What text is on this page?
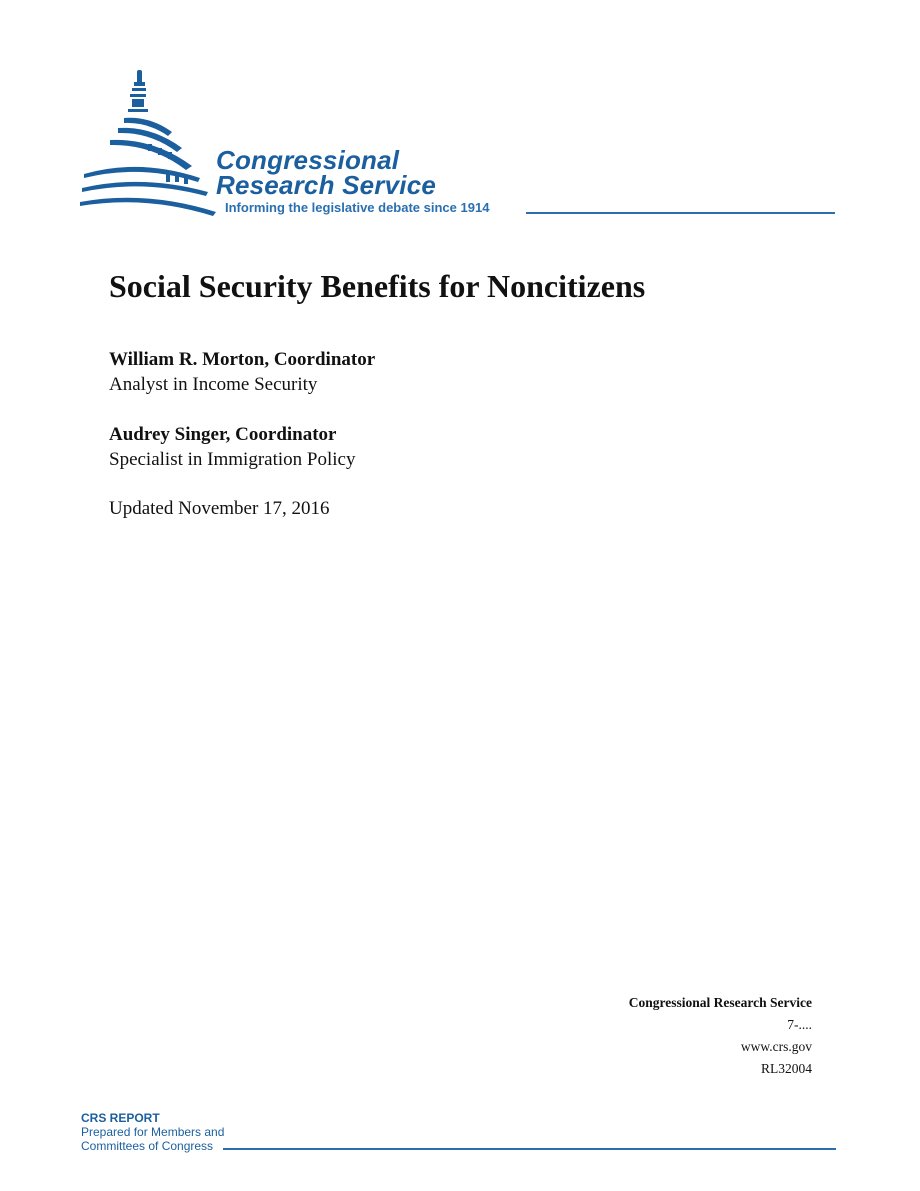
Congressional
Research Service
Informing the legislative debate since 1914
Social Security Benefits for Noncitizens
William R. Morton, Coordinator
Analyst in Income Security
Audrey Singer, Coordinator
Specialist in Immigration Policy
Updated November 17, 2016
Congressional Research Service
7-....
www.crs.gov
RL32004
CRS REPORT
Prepared for Members and
Committees of Congress
